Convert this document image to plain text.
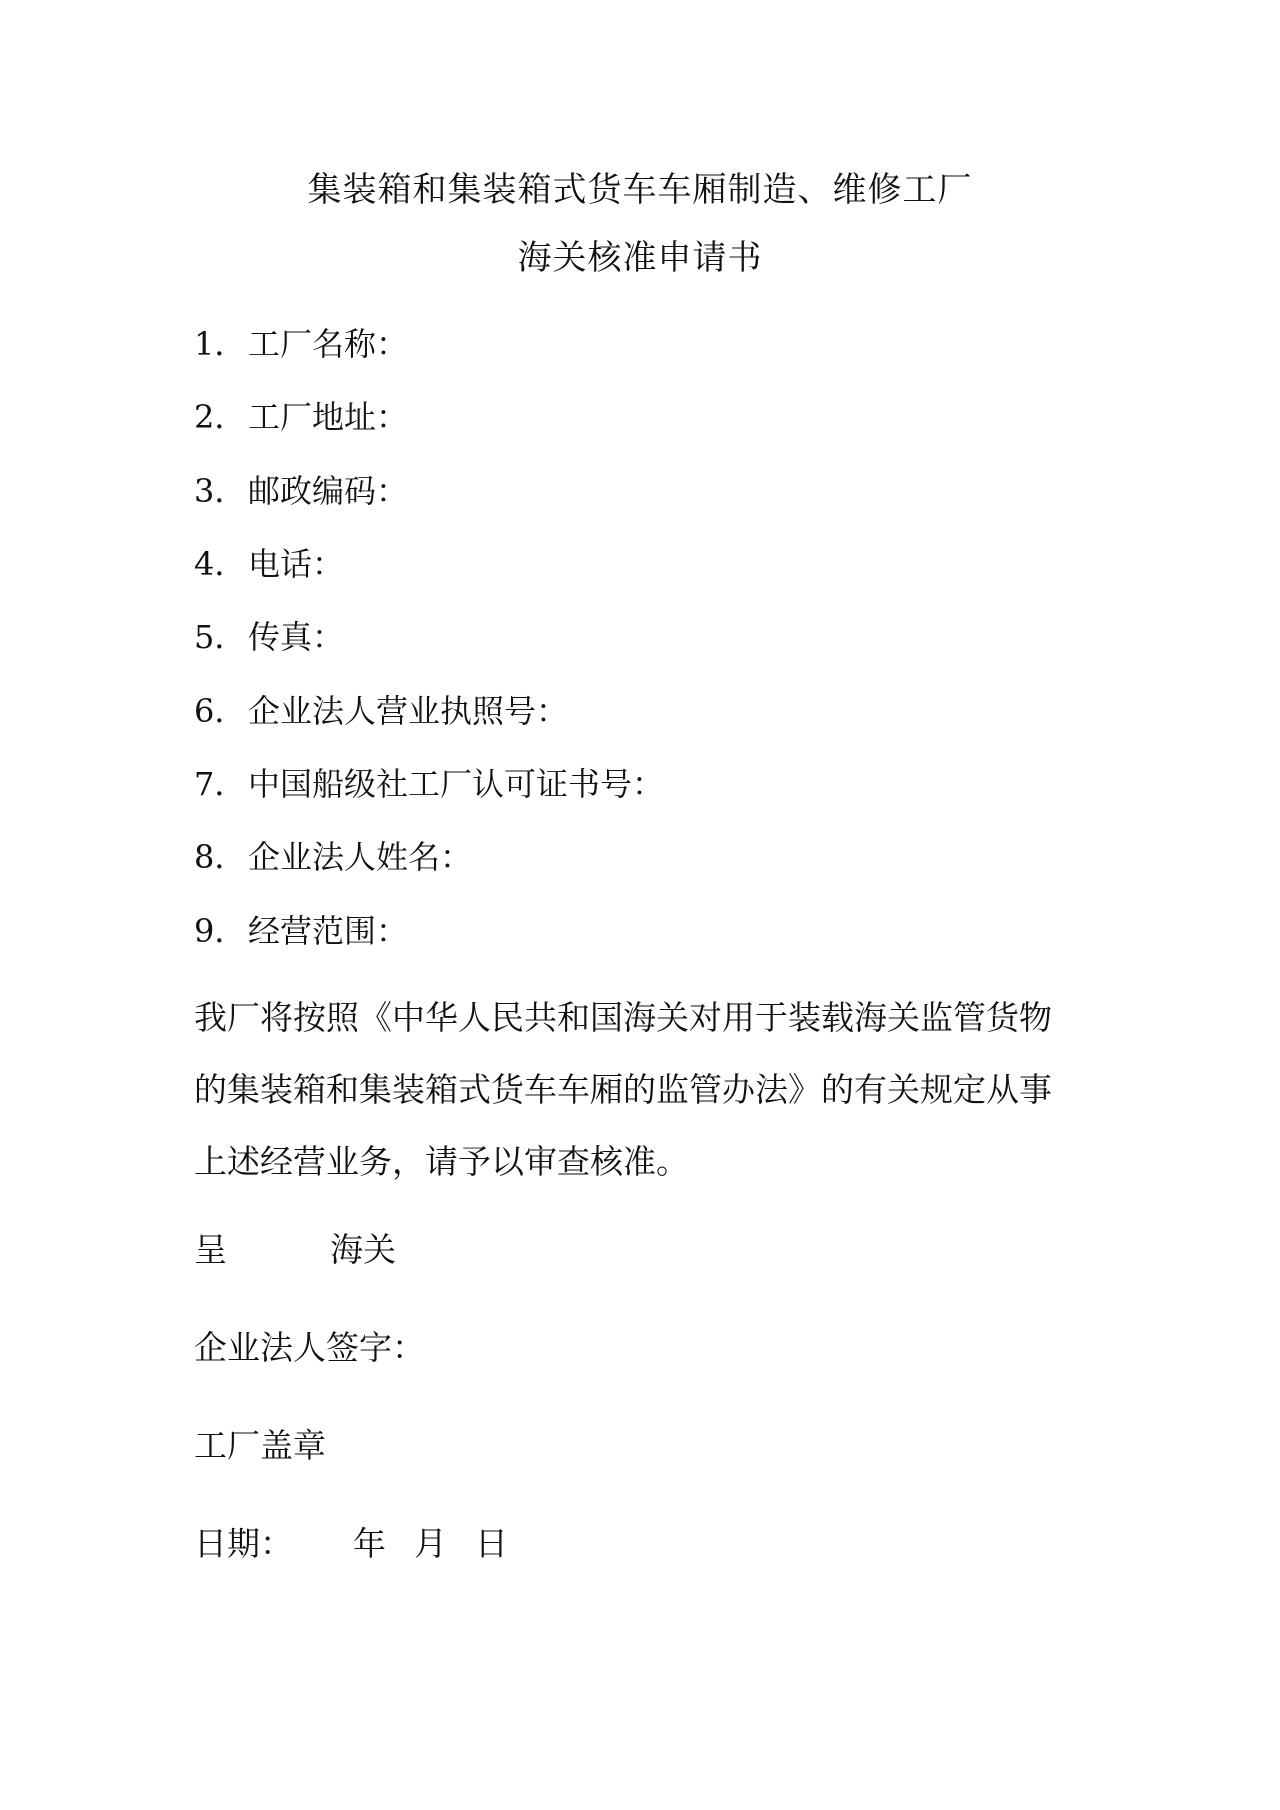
集装箱和集装箱式货车车厢制造、维修工厂
海关核准申请书
1．工厂名称：
2．工厂地址：
3．邮政编码：
4．电话：
5．传真：
6．企业法人营业执照号：
7．中国船级社工厂认可证书号：
8．企业法人姓名：
9．经营范围：
我厂将按照《中华人民共和国海关对用于装载海关监管货物
的集装箱和集装箱式货车车厢的监管办法》的有关规定从事
上述经营业务，请予以审查核准。
呈	海关
企业法人签字：
工厂盖章
日期： 年 月 日
